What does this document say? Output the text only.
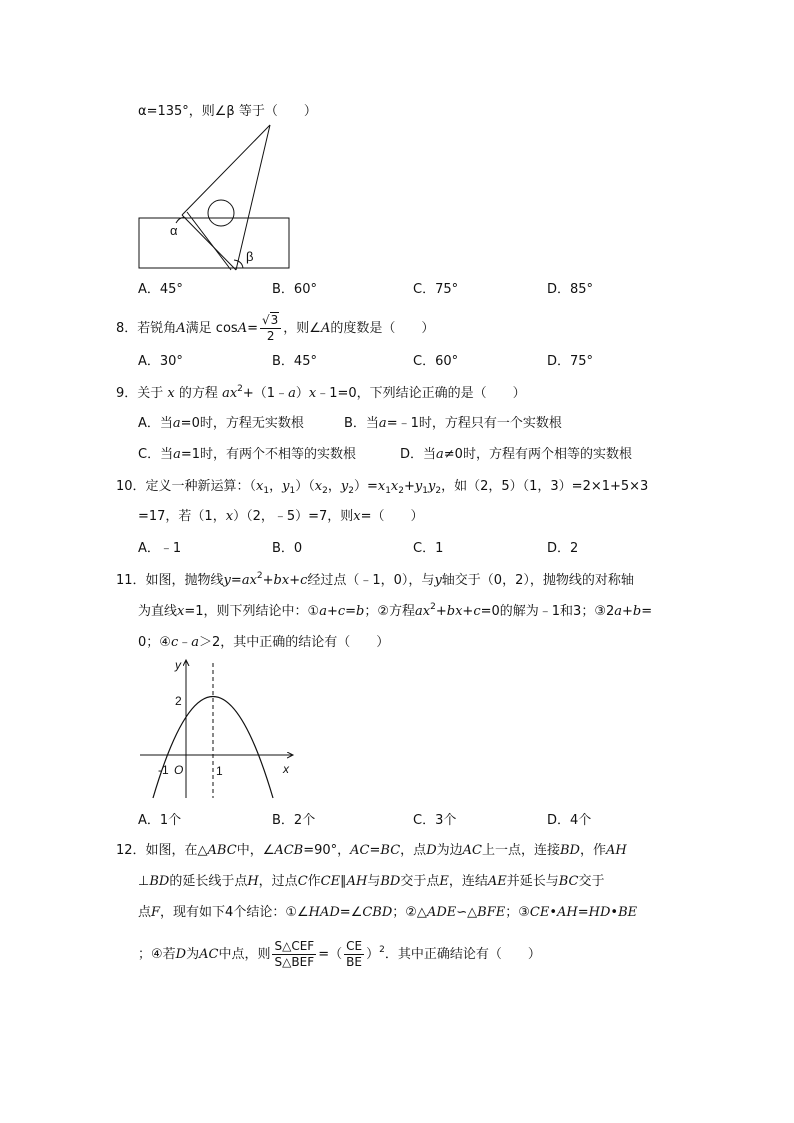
α=135°，则∠β 等于（　　）
α
β
A．45°	B．60°	C．75°	D．85°
8．若锐角A满足 $\cos A= \frac{√3}{2}$ ，则∠A的度数是（　　）
A．30°	B．45°	C．60°	D．75°
9．关于 x 的方程 $ax^2+(1﹣a)x﹣1=0$，下列结论正确的是（　　）
A．当a=0时，方程无实数根	B．当a=﹣1时，方程只有一个实数根
C．当a=1时，有两个不相等的实数根	D．当a≠0时，方程有两个相等的实数根
10．定义一种新运算：（$x_1$，$y_1)(x_2$，$y_2)=x_1x_2+y_1y_2$，如（2，5）（1，3）=2×1+5×3
=17，若（1，x）（2，﹣5）=7，则x=（　　）
A．﹣1	B．0	C．1	D．2
11．如图，抛物线$y=ax^2+bx+c$经过点（﹣1，0），与y轴交于（0，2），抛物线的对称轴
为直线x=1，则下列结论中：①a+c=b；②方程$ax^2+bx+c=0$的解为﹣1和3；③2a+b=
0；④c﹣a＞2，其中正确的结论有（　　）
y
x
2
-1 O	1
A．1个	B．2个	C．3个	D．4个
12．如图，在△ABC中，∠ACB=90°，AC=BC，点D为边AC上一点，连接BD，作AH
⊥BD的延长线于点H，过点C作CE∥AH与BD交于点E，连结AE并延长与BC交于
点F，现有如下4个结论：①∠HAD=∠CBD；②△ADE∽△BFE；③CE•AH=HD•BE
；④若D为AC中点，则 $\frac{\text{S△CEF}}{\text{S△BEF}}$ =（ $\frac{CE}{BE} )^2$．其中正确结论有（　　）
